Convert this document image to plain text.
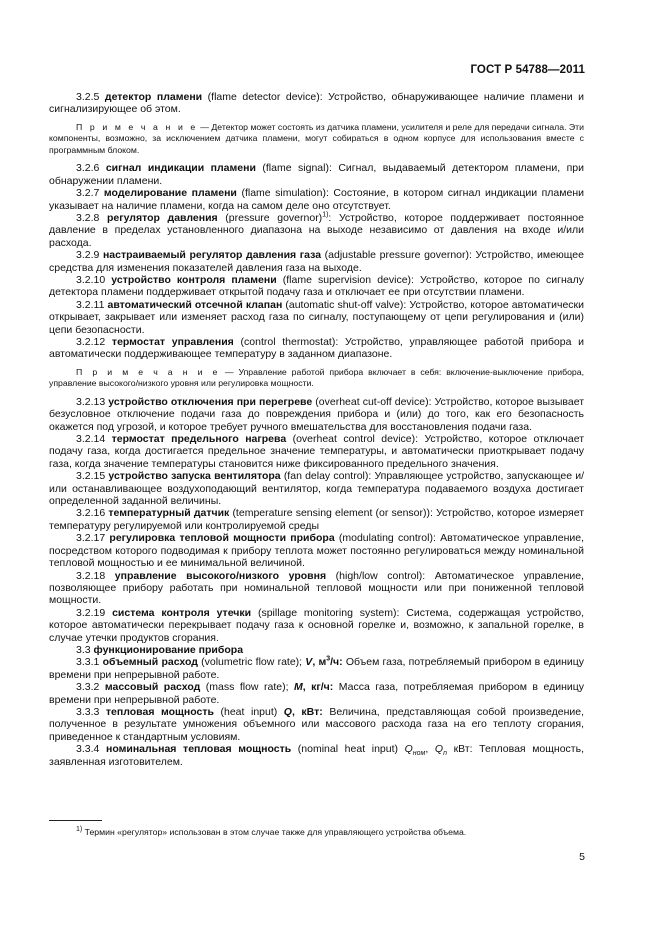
ГОСТ Р 54788—2011

3.2.5 детектор пламени (flame detector device): Устройство, обнаруживающее наличие пламени и сигнализирующее об этом.

П р и м е ч а н и е — Детектор может состоять из датчика пламени, усилителя и реле для передачи сигнала. Эти компоненты, возможно, за исключением датчика пламени, могут собираться в одном корпусе для использования вместе с программным блоком.

3.2.6 сигнал индикации пламени (flame signal): Сигнал, выдаваемый детектором пламени, при обнаружении пламени.

3.2.7 моделирование пламени (flame simulation): Состояние, в котором сигнал индикации пламени указывает на наличие пламени, когда на самом деле оно отсутствует.

3.2.8 регулятор давления (pressure governor)$^{1)}$: Устройство, которое поддерживает постоянное давление в пределах установленного диапазона на выходе независимо от давления на входе и/или расхода.

3.2.9 настраиваемый регулятор давления газа (adjustable pressure governor): Устройство, имеющее средства для изменения показателей давления газа на выходе.

3.2.10 устройство контроля пламени (flame supervision device): Устройство, которое по сигналу детектора пламени поддерживает открытой подачу газа и отключает ее при отсутствии пламени.

3.2.11 автоматический отсечной клапан (automatic shut-off valve): Устройство, которое автоматически открывает, закрывает или изменяет расход газа по сигналу, поступающему от цепи регулирования и (или) цепи безопасности.

3.2.12 термостат управления (control thermostat): Устройство, управляющее работой прибора и автоматически поддерживающее температуру в заданном диапазоне.

П р и м е ч а н и е — Управление работой прибора включает в себя: включение-выключение прибора, управление высокого/низкого уровня или регулировка мощности.

3.2.13 устройство отключения при перегреве (overheat cut-off device): Устройство, которое вызывает безусловное отключение подачи газа до повреждения прибора и (или) до того, как его безопасность окажется под угрозой, и которое требует ручного вмешательства для восстановления подачи газа.

3.2.14 термостат предельного нагрева (overheat control device): Устройство, которое отключает подачу газа, когда достигается предельное значение температуры, и автоматически приоткрывает подачу газа, когда значение температуры становится ниже фиксированного предельного значения.

3.2.15 устройство запуска вентилятора (fan delay control): Управляющее устройство, запускающее и/или останавливающее воздухоподающий вентилятор, когда температура подаваемого воздуха достигает определенной заданной величины.

3.2.16 температурный датчик (temperature sensing element (or sensor)): Устройство, которое измеряет температуру регулируемой или контролируемой среды

3.2.17 регулировка тепловой мощности прибора (modulating control): Автоматическое управление, посредством которого подводимая к прибору теплота может постоянно регулироваться между номинальной тепловой мощностью и ее минимальной величиной.

3.2.18 управление высокого/низкого уровня (high/low control): Автоматическое управление, позволяющее прибору работать при номинальной тепловой мощности или при пониженной тепловой мощности.

3.2.19 система контроля утечки (spillage monitoring system): Система, содержащая устройство, которое автоматически перекрывает подачу газа к основной горелке и, возможно, к запальной горелке, в случае утечки продуктов сгорания.

3.3 функционирование прибора

3.3.1 объемный расход (volumetric flow rate); V, $м^3/ч$: Объем газа, потребляемый прибором в единицу времени при непрерывной работе.

3.3.2 массовый расход (mass flow rate); M, кг/ч: Масса газа, потребляемая прибором в единицу времени при непрерывной работе.

3.3.3 тепловая мощность (heat input) Q, кВт: Величина, представляющая собой произведение, полученное в результате умножения объемного или массового расхода газа на его теплоту сгорания, приведенное к стандартным условиям.

3.3.4 номинальная тепловая мощность (nominal heat input) $Q_{ном}$, $Q_n$ кВт: Тепловая мощность, заявленная изготовителем.

$^{1)}$ Термин «регулятор» использован в этом случае также для управляющего устройства объема.
5
